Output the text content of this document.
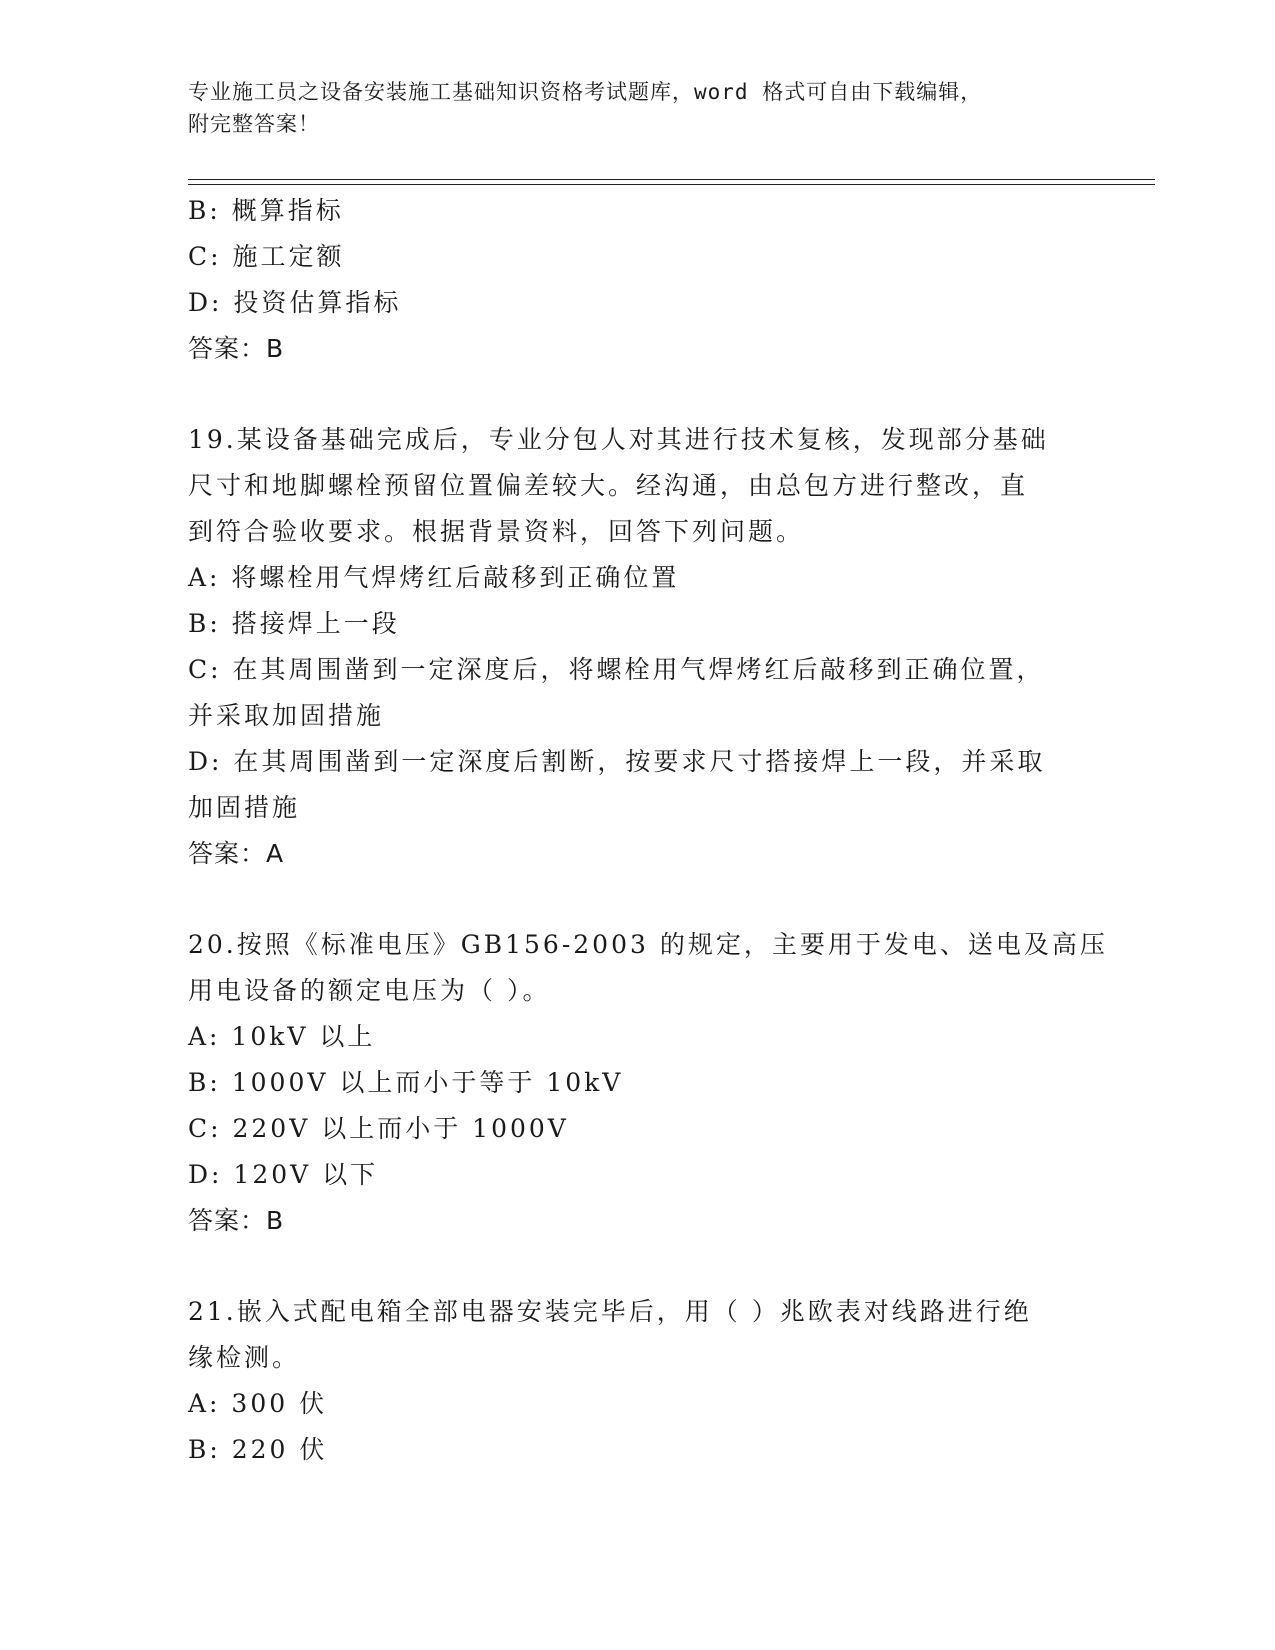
专业施工员之设备安装施工基础知识资格考试题库，word 格式可自由下载编辑，
附完整答案！
B: 概算指标
C: 施工定额
D: 投资估算指标
答案：B
19.某设备基础完成后，专业分包人对其进行技术复核，发现部分基础
尺寸和地脚螺栓预留位置偏差较大。经沟通，由总包方进行整改，直
到符合验收要求。根据背景资料，回答下列问题。
A: 将螺栓用气焊烤红后敲移到正确位置
B: 搭接焊上一段
C: 在其周围凿到一定深度后，将螺栓用气焊烤红后敲移到正确位置，
并采取加固措施
D: 在其周围凿到一定深度后割断，按要求尺寸搭接焊上一段，并采取
加固措施
答案：A
20.按照《标准电压》GB156-2003 的规定，主要用于发电、送电及高压
用电设备的额定电压为（ ）。
A: 10kV 以上
B: 1000V 以上而小于等于 10kV
C: 220V 以上而小于 1000V
D: 120V 以下
答案：B
21.嵌入式配电箱全部电器安装完毕后，用（ ）兆欧表对线路进行绝
缘检测。
A: 300 伏
B: 220 伏
